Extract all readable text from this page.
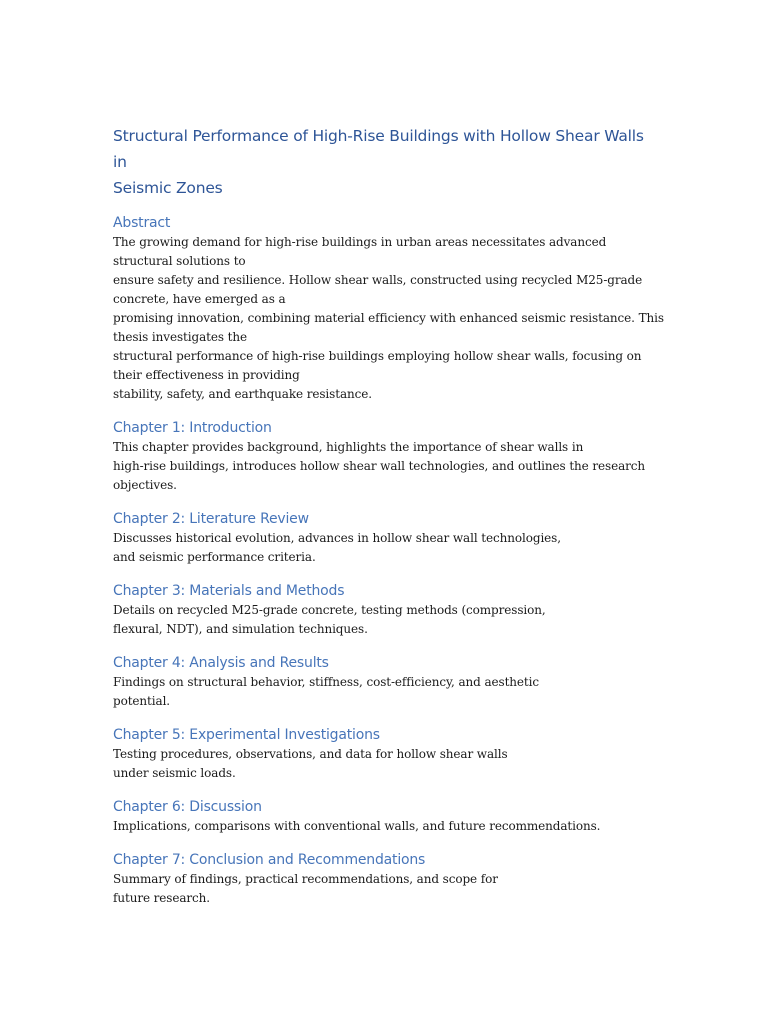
Structural Performance of High-Rise Buildings with Hollow Shear Walls in
Seismic Zones
Abstract

The growing demand for high-rise buildings in urban areas necessitates advanced
structural solutions to
ensure safety and resilience. Hollow shear walls, constructed using recycled M25-grade
concrete, have emerged as a
promising innovation, combining material efficiency with enhanced seismic resistance. This
thesis investigates the
structural performance of high-rise buildings employing hollow shear walls, focusing on
their effectiveness in providing
stability, safety, and earthquake resistance.

Chapter 1: Introduction

This chapter provides background, highlights the importance of shear walls in
high-rise buildings, introduces hollow shear wall technologies, and outlines the research
objectives.

Chapter 2: Literature Review

Discusses historical evolution, advances in hollow shear wall technologies,
and seismic performance criteria.

Chapter 3: Materials and Methods

Details on recycled M25-grade concrete, testing methods (compression,
flexural, NDT), and simulation techniques.

Chapter 4: Analysis and Results

Findings on structural behavior, stiffness, cost-efficiency, and aesthetic
potential.

Chapter 5: Experimental Investigations

Testing procedures, observations, and data for hollow shear walls
under seismic loads.

Chapter 6: Discussion

Implications, comparisons with conventional walls, and future recommendations.

Chapter 7: Conclusion and Recommendations

Summary of findings, practical recommendations, and scope for
future research.
